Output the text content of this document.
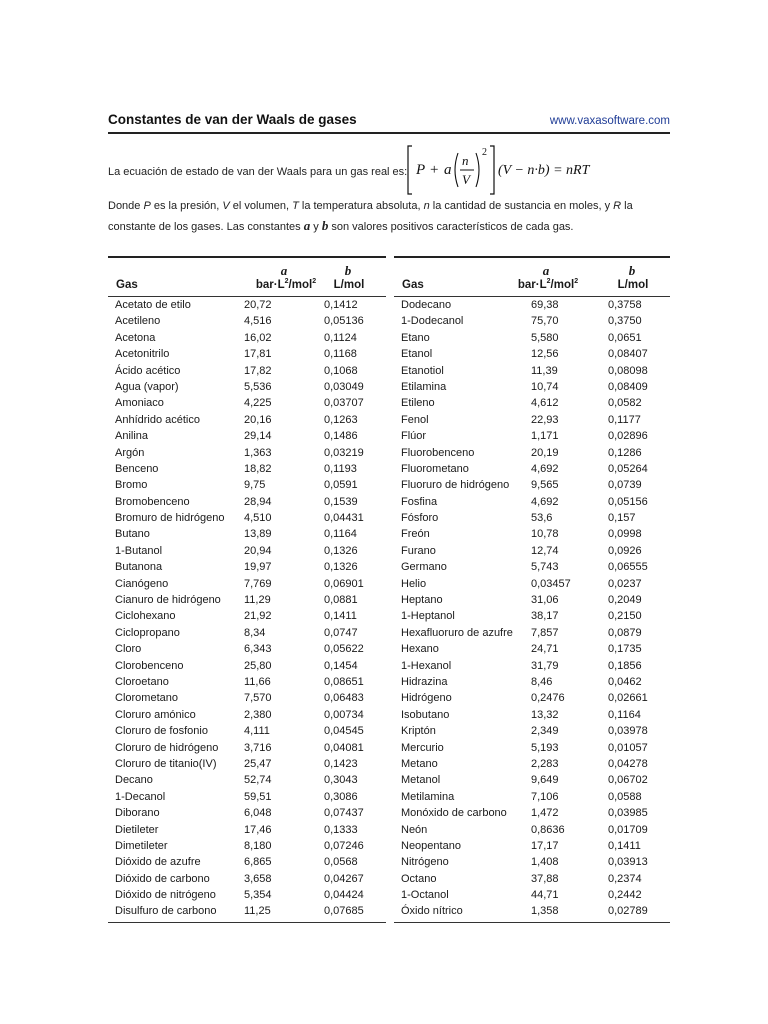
Constantes de van der Waals de gases	www.vaxasoftware.com
La ecuación de estado de van der Waals para un gas real es: P + a
n
V
2
(V − n·b) = nRT
Donde P es la presión, V el volumen, T la temperatura absoluta, n la cantidad de sustancia en moles, y R la
constante de los gases. Las constantes a y b son valores positivos característicos de cada gas.
Gas
a
$bar\cdot L^2/mol^2$
b
L/mol
Acetato de etilo	20,72	0,1412
Acetileno	4,516	0,05136
Acetona	16,02	0,1124
Acetonitrilo	17,81	0,1168
Ácido acético	17,82	0,1068
Agua (vapor)	5,536	0,03049
Amoniaco	4,225	0,03707
Anhídrido acético	20,16	0,1263
Anilina	29,14	0,1486
Argón	1,363	0,03219
Benceno	18,82	0,1193
Bromo	9,75	0,0591
Bromobenceno	28,94	0,1539
Bromuro de hidrógeno 4,510	0,04431
Butano	13,89	0,1164
1-Butanol	20,94	0,1326
Butanona	19,97	0,1326
Cianógeno	7,769	0,06901
Cianuro de hidrógeno 11,29	0,0881
Ciclohexano	21,92	0,1411
Ciclopropano	8,34	0,0747
Cloro	6,343	0,05622
Clorobenceno	25,80	0,1454
Cloroetano	11,66	0,08651
Clorometano	7,570	0,06483
Cloruro amónico	2,380	0,00734
Cloruro de fosfonio	4,111	0,04545
Cloruro de hidrógeno 3,716	0,04081
Cloruro de titanio(IV)	25,47	0,1423
Decano	52,74	0,3043
1-Decanol	59,51	0,3086
Diborano	6,048	0,07437
Dietileter	17,46	0,1333
Dimetileter	8,180	0,07246
Dióxido de azufre	6,865	0,0568
Dióxido de carbono	3,658	0,04267
Dióxido de nitrógeno	5,354	0,04424
Disulfuro de carbono 11,25	0,07685
Gas
a
$bar\cdot L^2/mol^2$
b
L/mol
Dodecano	69,38	0,3758
1-Dodecanol	75,70	0,3750
Etano	5,580	0,0651
Etanol	12,56	0,08407
Etanotiol	11,39	0,08098
Etilamina	10,74	0,08409
Etileno	4,612	0,0582
Fenol	22,93	0,1177
Flúor	1,171	0,02896
Fluorobenceno	20,19	0,1286
Fluorometano	4,692	0,05264
Fluoruro de hidrógeno 9,565	0,0739
Fosfina	4,692	0,05156
Fósforo	53,6	0,157
Freón	10,78	0,0998
Furano	12,74	0,0926
Germano	5,743	0,06555
Helio	0,03457	0,0237
Heptano	31,06	0,2049
1-Heptanol	38,17	0,2150
Hexafluoruro de azufre 7,857	0,0879
Hexano	24,71	0,1735
1-Hexanol	31,79	0,1856
Hidrazina	8,46	0,0462
Hidrógeno	0,2476	0,02661
Isobutano	13,32	0,1164
Kriptón	2,349	0,03978
Mercurio	5,193	0,01057
Metano	2,283	0,04278
Metanol	9,649	0,06702
Metilamina	7,106	0,0588
Monóxido de carbono 1,472	0,03985
Neón	0,8636	0,01709
Neopentano	17,17	0,1411
Nitrógeno	1,408	0,03913
Octano	37,88	0,2374
1-Octanol	44,71	0,2442
Óxido nítrico	1,358	0,02789
